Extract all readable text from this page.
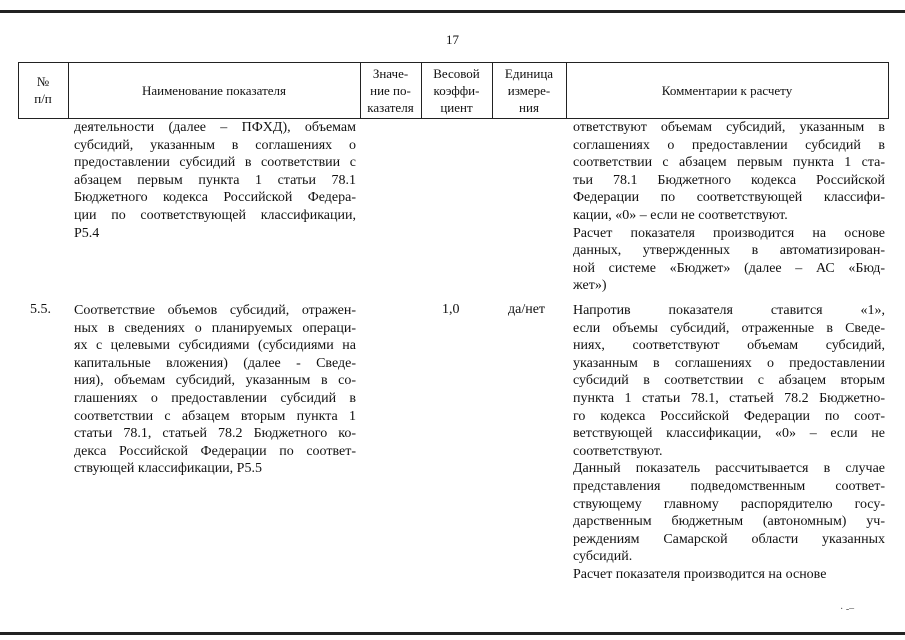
17
№
п/п
Наименование показателя
Значе-
ние по-
казателя
Весовой
коэффи-
циент
Единица
измере-
ния
Комментарии к расчету
деятельности (далее – ПФХД), объемам
субсидий, указанным в соглашениях о
предоставлении субсидий в соответствии с
абзацем первым пункта 1 статьи 78.1
Бюджетного кодекса Российской Федера-
ции по соответствующей классификации,
P5.4
ответствуют объемам субсидий, указанным в
соглашениях о предоставлении субсидий в
соответствии с абзацем первым пункта 1 ста-
тьи 78.1 Бюджетного кодекса Российской
Федерации по соответствующей классифи-
кации, «0» – если не соответствуют.
Расчет показателя производится на основе
данных, утвержденных в автоматизирован-
ной системе «Бюджет» (далее – АС «Бюд-
жет»)
5.5. Соответствие объемов субсидий, отражен-
ных в сведениях о планируемых операци-
ях с целевыми субсидиями (субсидиями на
капитальные вложения) (далее - Сведе-
ния), объемам субсидий, указанным в со-
глашениях о предоставлении субсидий в
соответствии с абзацем вторым пункта 1
статьи 78.1, статьей 78.2 Бюджетного ко-
декса Российской Федерации по соответ-
ствующей классификации, P5.5
1,0	да/нет Напротив показателя ставится «1»,
если объемы субсидий, отраженные в Сведе-
ниях, соответствуют объемам субсидий,
указанным в соглашениях о предоставлении
субсидий в соответствии с абзацем вторым
пункта 1 статьи 78.1, статьей 78.2 Бюджетно-
го кодекса Российской Федерации по соот-
ветствующей классификации, «0» – если не
соответствуют.
Данный показатель рассчитывается в случае
представления подведомственным соответ-
ствующему главному распорядителю госу-
дарственным бюджетным (автономным) уч-
реждениям Самарской области указанных
субсидий.
Расчет показателя производится на основе
· ‐ ̶
